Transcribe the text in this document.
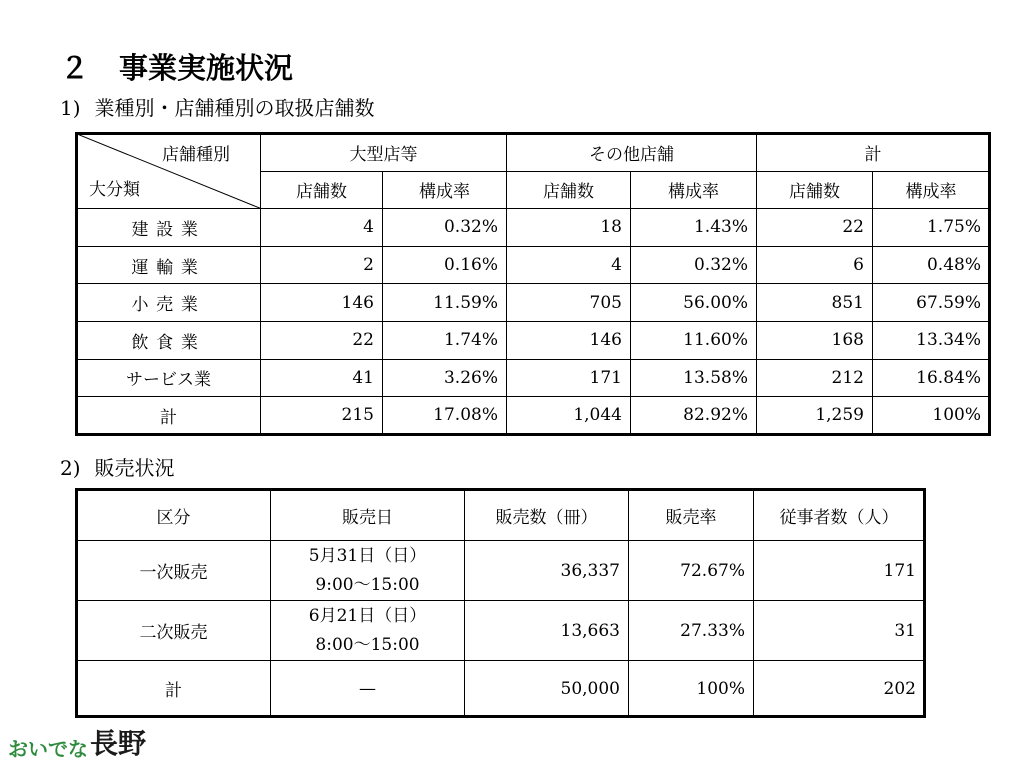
２ 事業実施状況
1) 業種別・店舗種別の取扱店舗数
店舗種別
大分類	大型店等		その他店舗		計	
	店舗数	構成率	店舗数	構成率	店舗数	構成率
建設業	4	0.32%	18	1.43%	22	1.75%
運輸業	2	0.16%	4	0.32%	6	0.48%
小売業	146	11.59%	705	56.00%	851	67.59%
飲食業	22	1.74%	146	11.60%	168	13.34%
サービス業	41	3.26%	171	13.58%	212	16.84%
計	215	17.08%	1,044	82.92%	1,259	100%
2) 販売状況
区分	販売日	販売数（冊）	販売率	従事者数（人）
一次販売	5月31日（日）
9:00～15:00	36,337	72.67%	171
二次販売	6月21日（日）
8:00～15:00	13,663	27.33%	31
計	—	50,000	100%	202
おいでな 長野
